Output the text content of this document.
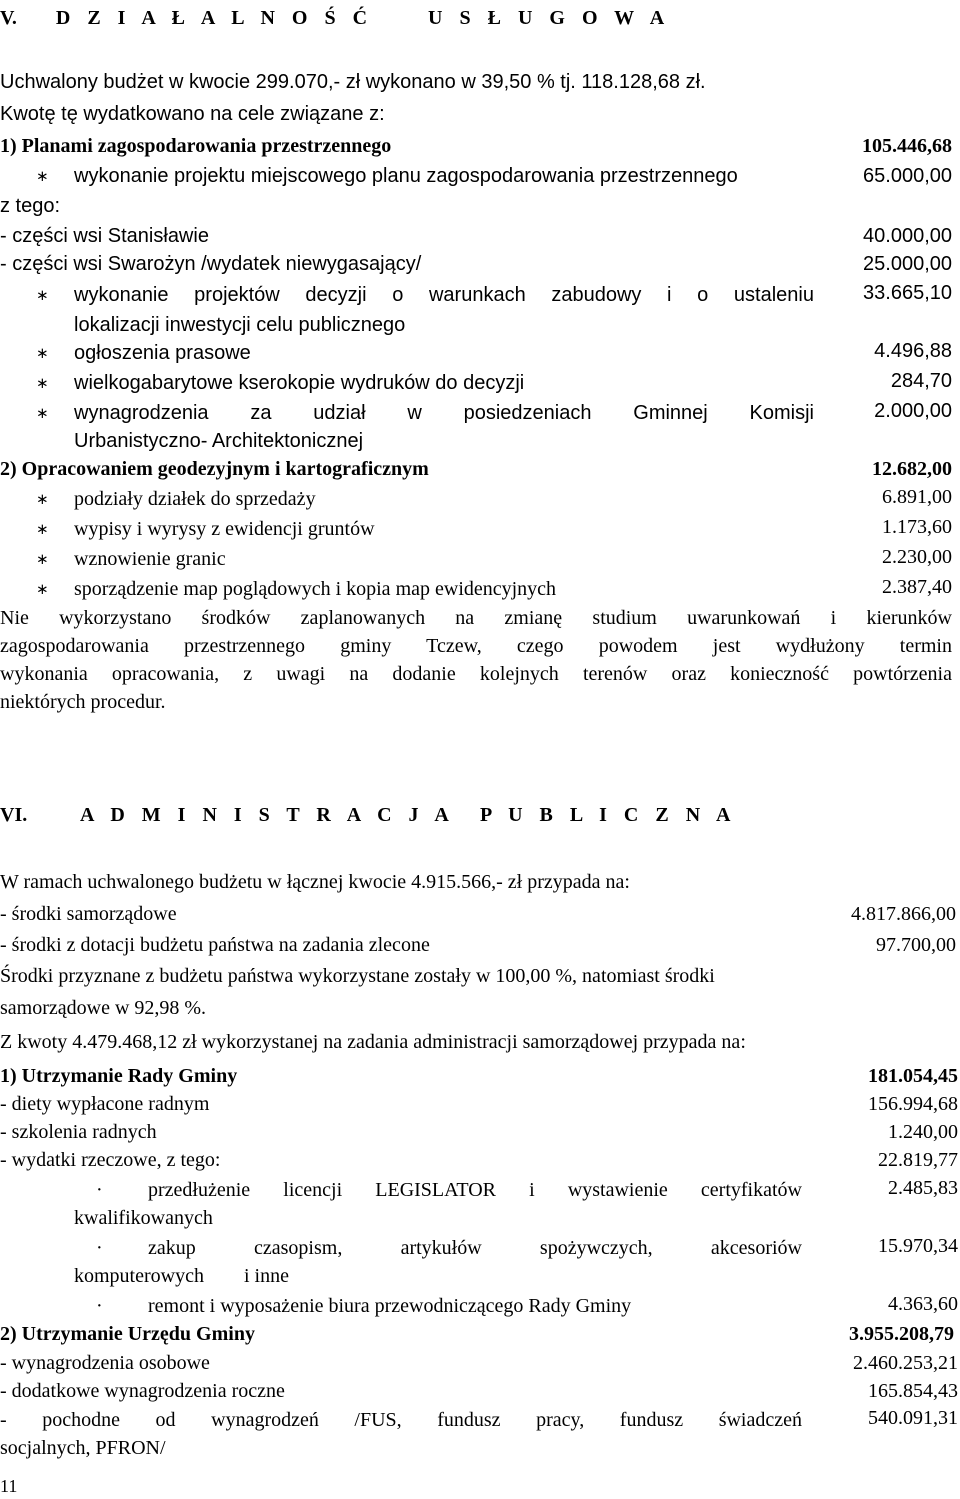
V. D Z I A Ł A L N O Ś Ć     U S Ł U G O W A
Uchwalony budżet w kwocie 299.070,- zł wykonano w 39,50 % tj. 118.128,68 zł.
Kwotę tę wydatkowano na cele związane z:
1) Planami zagospodarowania przestrzennego	105.446,68
∗ wykonanie projektu miejscowego planu zagospodarowania przestrzennego	65.000,00
z tego:
- części wsi Stanisławie	40.000,00
- części wsi Swarożyn /wydatek niewygasający/	25.000,00
∗ wykonanie projektów decyzji o warunkach zabudowy i o ustaleniu 33.665,10
lokalizacji inwestycji celu publicznego
∗ ogłoszenia prasowe	4.496,88
∗ wielkogabarytowe kserokopie wydruków do decyzji	284,70
∗ wynagrodzenia za udział w posiedzeniach Gminnej Komisji	2.000,00
Urbanistyczno- Architektonicznej
2) Opracowaniem geodezyjnym i kartograficznym	12.682,00
∗ podziały działek do sprzedaży	6.891,00
∗ wypisy i wyrysy z ewidencji gruntów	1.173,60
∗ wznowienie granic	2.230,00
∗ sporządzenie map poglądowych i kopia map ewidencyjnych	2.387,40
Nie wykorzystano środków zaplanowanych na zmianę studium uwarunkowań i kierunków
zagospodarowania przestrzennego gminy Tczew, czego powodem jest wydłużony termin
wykonania opracowania, z uwagi na dodanie kolejnych terenów oraz konieczność powtórzenia
niektórych procedur.
VI.	A D M I N I S T R A C J A P U B L I C Z N A
W ramach uchwalonego budżetu w łącznej kwocie 4.915.566,- zł przypada na:
- środki samorządowe	4.817.866,00
- środki z dotacji budżetu państwa na zadania zlecone	97.700,00
Środki przyznane z budżetu państwa wykorzystane zostały w 100,00 %, natomiast środki
samorządowe w 92,98 %.
Z kwoty 4.479.468,12 zł wykorzystanej na zadania administracji samorządowej przypada na:
1) Utrzymanie Rady Gminy	181.054,45
- diety wypłacone radnym	156.994,68
- szkolenia radnych	1.240,00
- wydatki rzeczowe, z tego:	22.819,77
· przedłużenie licencji LEGISLATOR i wystawienie certyfikatów	2.485,83
kwalifikowanych
· zakup czasopism, artykułów spożywczych, akcesoriów	15.970,34
komputerowych        i inne
· remont i wyposażenie biura przewodniczącego Rady Gminy	4.363,60
2) Utrzymanie Urzędu Gminy	3.955.208,79
- wynagrodzenia osobowe	2.460.253,21
- dodatkowe wynagrodzenia roczne	165.854,43
- pochodne od wynagrodzeń /FUS, fundusz pracy, fundusz świadczeń	540.091,31
socjalnych, PFRON/
11
